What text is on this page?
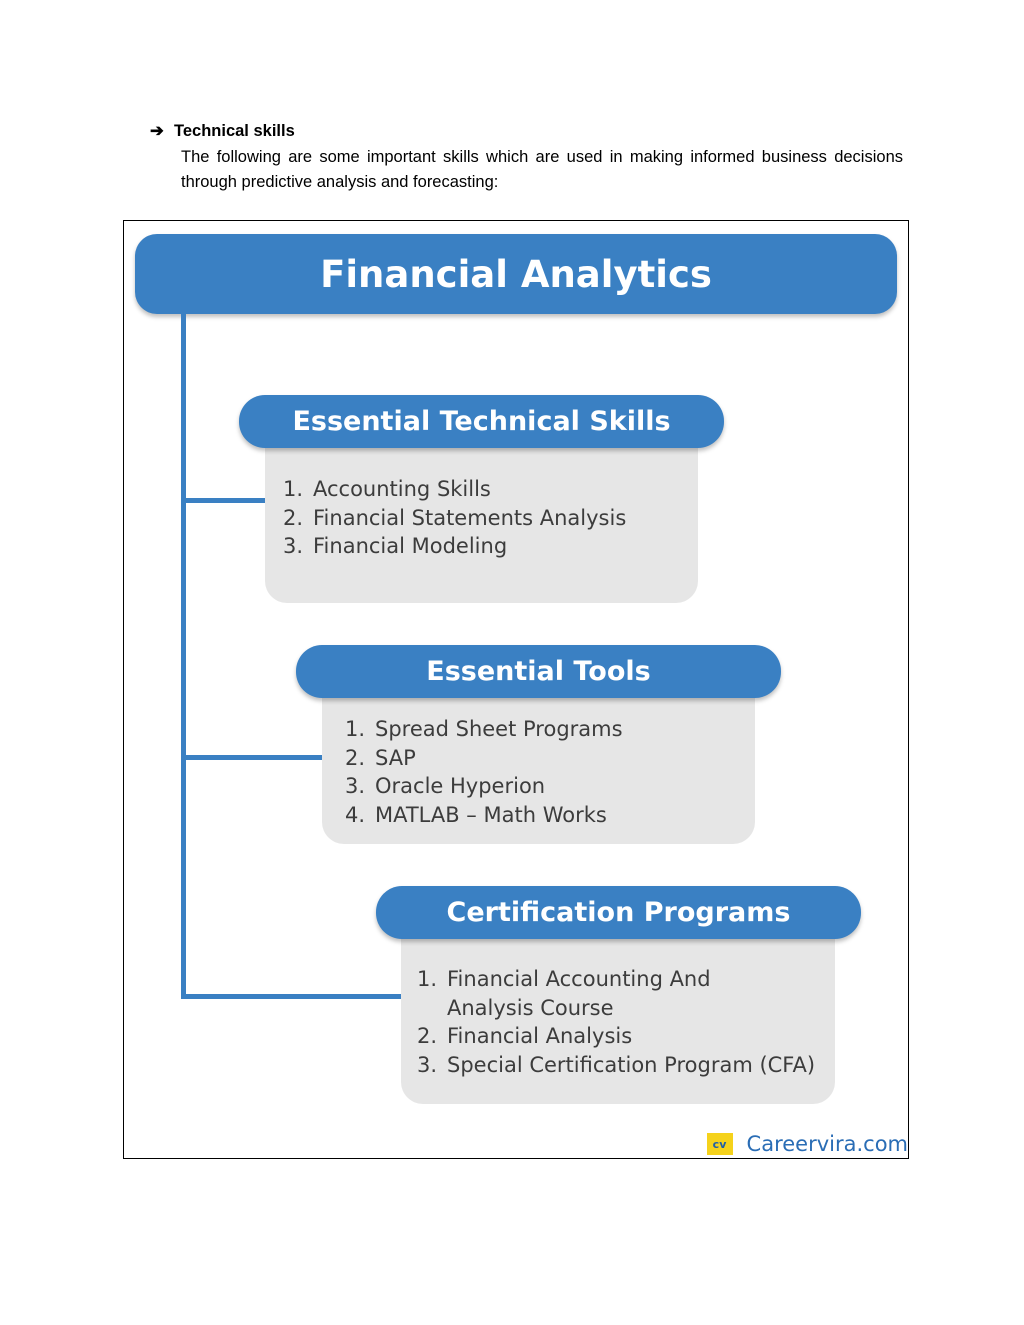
➔ Technical skills
The following are some important skills which are used in making informed business decisions through predictive analysis and forecasting:
Financial Analytics
1. Accounting Skills
2. Financial Statements Analysis
3. Financial Modeling
Essential Technical Skills
1. Spread Sheet Programs
2. SAP
3. Oracle Hyperion
4. MATLAB – Math Works
Essential Tools
1. Financial Accounting And Analysis Course
2. Financial Analysis
3. Special Certification Program (CFA)
Certification Programs
cv Careervira.com
